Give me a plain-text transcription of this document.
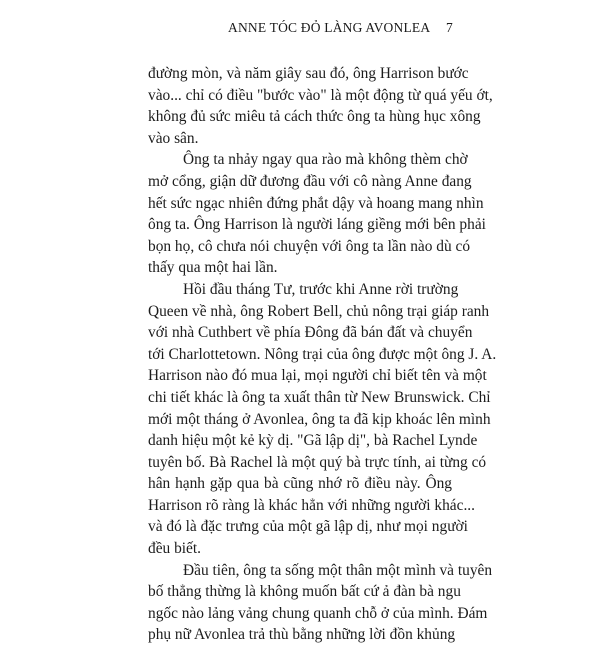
ANNE TÓC ĐỎ LÀNG AVONLEA 7
đường mòn, và năm giây sau đó, ông Harrison bước
vào... chỉ có điều "bước vào" là một động từ quá yếu ớt,
không đủ sức miêu tả cách thức ông ta hùng hục xông
vào sân.
Ông ta nhảy ngay qua rào mà không thèm chờ
mở cổng, giận dữ đương đầu với cô nàng Anne đang
hết sức ngạc nhiên đứng phắt dậy và hoang mang nhìn
ông ta. Ông Harrison là người láng giềng mới bên phải
bọn họ, cô chưa nói chuyện với ông ta lần nào dù có
thấy qua một hai lần.
Hồi đầu tháng Tư, trước khi Anne rời trường
Queen về nhà, ông Robert Bell, chủ nông trại giáp ranh
với nhà Cuthbert về phía Đông đã bán đất và chuyển
tới Charlottetown. Nông trại của ông được một ông J. A.
Harrison nào đó mua lại, mọi người chỉ biết tên và một
chi tiết khác là ông ta xuất thân từ New Brunswick. Chỉ
mới một tháng ở Avonlea, ông ta đã kịp khoác lên mình
danh hiệu một kẻ kỳ dị. "Gã lập dị", bà Rachel Lynde
tuyên bố. Bà Rachel là một quý bà trực tính, ai từng có
hân hạnh gặp qua bà cũng nhớ rõ điều này. Ông
Harrison rõ ràng là khác hẳn với những người khác...
và đó là đặc trưng của một gã lập dị, như mọi người
đều biết.
Đầu tiên, ông ta sống một thân một mình và tuyên
bố thẳng thừng là không muốn bất cứ ả đàn bà ngu
ngốc nào lảng vảng chung quanh chỗ ở của mình. Đám
phụ nữ Avonlea trả thù bằng những lời đồn khủng
